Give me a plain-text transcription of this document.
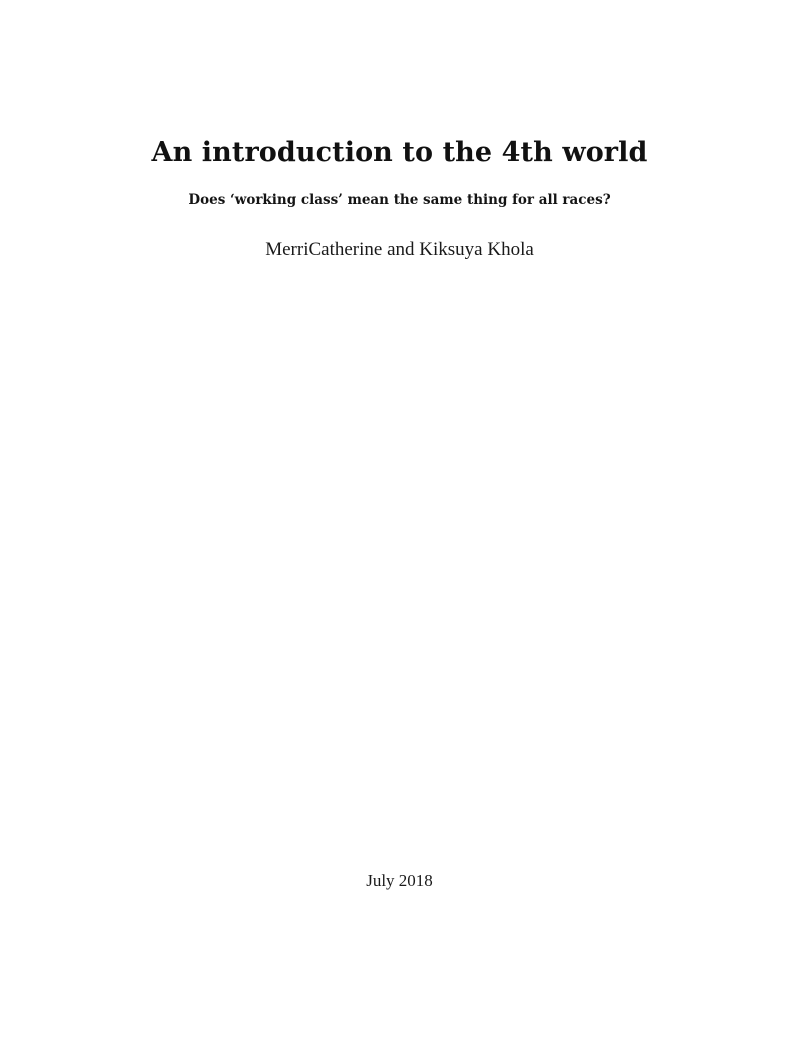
An introduction to the 4th world
Does ‘working class’ mean the same thing for all races?

MerriCatherine and Kiksuya Khola

July 2018
